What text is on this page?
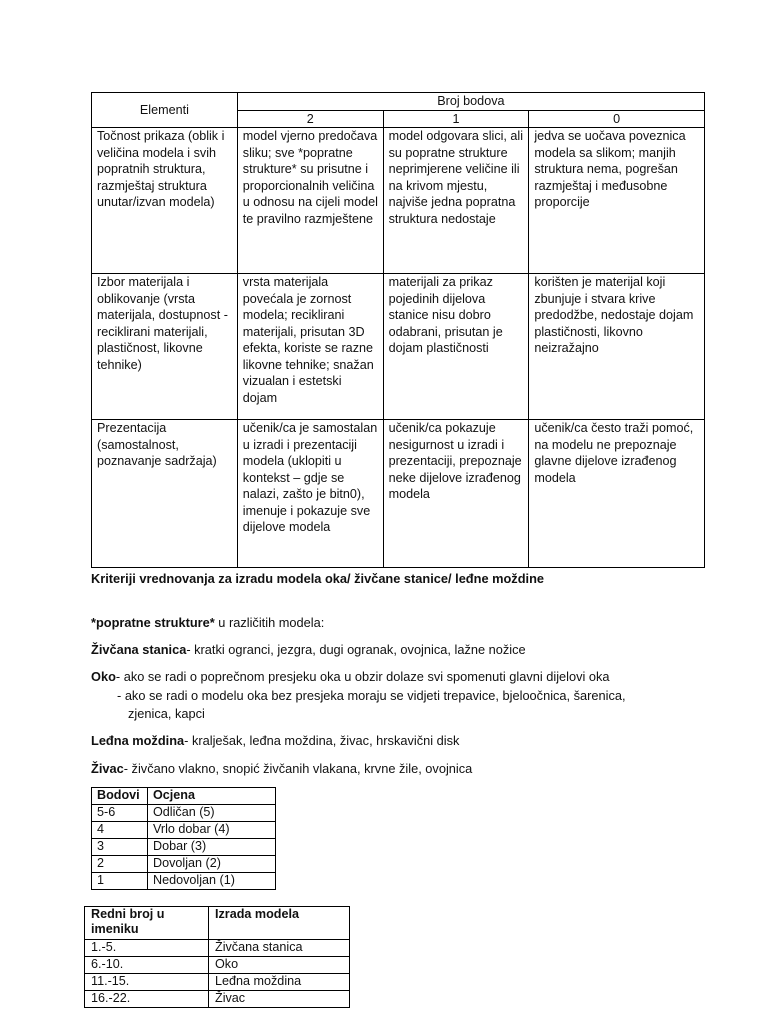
Elementi	Broj bodova		
	2	1	0
Točnost prikaza (oblik i veličina modela i svih popratnih struktura, razmještaj struktura unutar/izvan modela)	model vjerno predočava sliku; sve *popratne strukture* su prisutne i proporcionalnih veličina u odnosu na cijeli model te pravilno razmještene	model odgovara slici, ali su popratne strukture neprimjerene veličine ili na krivom mjestu, najviše jedna popratna struktura nedostaje	jedva se uočava poveznica modela sa slikom; manjih struktura nema, pogrešan razmještaj i međusobne proporcije
Izbor materijala i oblikovanje (vrsta materijala, dostupnost - reciklirani materijali, plastičnost, likovne tehnike)	vrsta materijala povećala je zornost modela; reciklirani materijali, prisutan 3D efekta, koriste se razne likovne tehnike; snažan vizualan i estetski dojam	materijali za prikaz pojedinih dijelova stanice nisu dobro odabrani, prisutan je dojam plastičnosti	korišten je materijal koji zbunjuje i stvara krive predodžbe, nedostaje dojam plastičnosti, likovno neizražajno
Prezentacija (samostalnost, poznavanje sadržaja)	učenik/ca je samostalan u izradi i prezentaciji modela (uklopiti u kontekst – gdje se nalazi, zašto je bitn0), imenuje i pokazuje sve dijelove modela	učenik/ca pokazuje nesigurnost u izradi i prezentaciji, prepoznaje neke dijelove izrađenog modela	učenik/ca često traži pomoć, na modelu ne prepoznaje glavne dijelove izrađenog modela
Kriteriji vrednovanja za izradu modela oka/ živčane stanice/ leđne moždine
*popratne strukture* u različitih modela:
Živčana stanica- kratki ogranci, jezgra, dugi ogranak, ovojnica, lažne nožice
Oko- ako se radi o poprečnom presjeku oka u obzir dolaze svi spomenuti glavni dijelovi oka
- ako se radi o modelu oka bez presjeka moraju se vidjeti trepavice, bjeloočnica, šarenica,
zjenica, kapci
Leđna moždina- kralješak, leđna moždina, živac, hrskavični disk
Živac- živčano vlakno, snopić živčanih vlakana, krvne žile, ovojnica
Bodovi	Ocjena
5-6	Odličan (5)
4	Vrlo dobar (4)
3	Dobar (3)
2	Dovoljan (2)
1	Nedovoljan (1)
Redni broj u imeniku	Izrada modela
1.-5.	Živčana stanica
6.-10.	Oko
11.-15.	Leđna moždina
16.-22.	Živac
